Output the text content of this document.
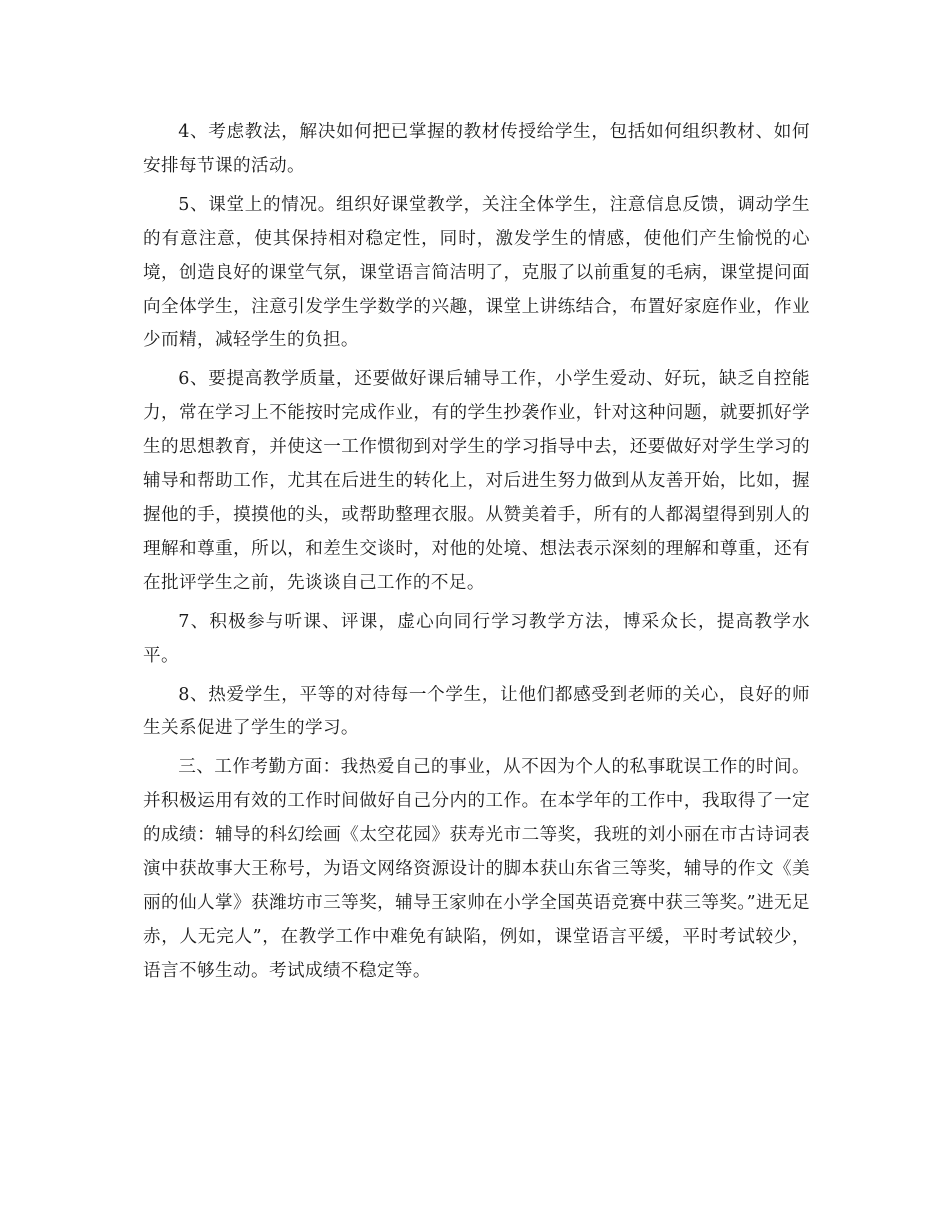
4、考虑教法，解决如何把已掌握的教材传授给学生，包括如何组织教材、如何安排每节课的活动。

5、课堂上的情况。组织好课堂教学，关注全体学生，注意信息反馈，调动学生的有意注意，使其保持相对稳定性，同时，激发学生的情感，使他们产生愉悦的心境，创造良好的课堂气氛，课堂语言简洁明了，克服了以前重复的毛病，课堂提问面向全体学生，注意引发学生学数学的兴趣，课堂上讲练结合，布置好家庭作业，作业少而精，减轻学生的负担。

6、要提高教学质量，还要做好课后辅导工作，小学生爱动、好玩，缺乏自控能力，常在学习上不能按时完成作业，有的学生抄袭作业，针对这种问题，就要抓好学生的思想教育，并使这一工作惯彻到对学生的学习指导中去，还要做好对学生学习的辅导和帮助工作，尤其在后进生的转化上，对后进生努力做到从友善开始，比如，握握他的手，摸摸他的头，或帮助整理衣服。从赞美着手，所有的人都渴望得到别人的理解和尊重，所以，和差生交谈时，对他的处境、想法表示深刻的理解和尊重，还有在批评学生之前，先谈谈自己工作的不足。

7、积极参与听课、评课，虚心向同行学习教学方法，博采众长，提高教学水平。

8、热爱学生，平等的对待每一个学生，让他们都感受到老师的关心，良好的师生关系促进了学生的学习。

三、工作考勤方面：我热爱自己的事业，从不因为个人的私事耽误工作的时间。并积极运用有效的工作时间做好自己分内的工作。在本学年的工作中，我取得了一定的成绩：辅导的科幻绘画《太空花园》获寿光市二等奖，我班的刘小丽在市古诗词表演中获故事大王称号，为语文网络资源设计的脚本获山东省三等奖，辅导的作文《美丽的仙人掌》获潍坊市三等奖，辅导王家帅在小学全国英语竞赛中获三等奖。”进无足赤，人无完人”，在教学工作中难免有缺陷，例如，课堂语言平缓，平时考试较少，语言不够生动。考试成绩不稳定等。
